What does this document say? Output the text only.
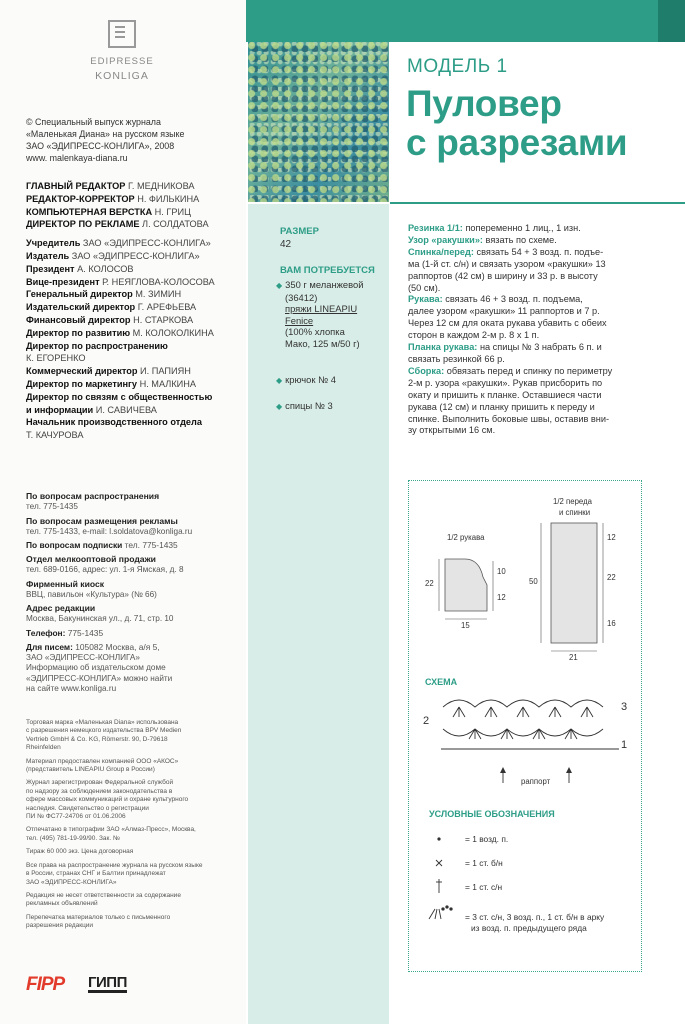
EDIPRESSE
KONLIGA
© Специальный выпуск журнала
«Маленькая Диана» на русском языке
ЗАО «ЭДИПРЕСС-КОНЛИГА», 2008
www. malenkaya-diana.ru
ГЛАВНЫЙ РЕДАКТОР Г. МЕДНИКОВА
РЕДАКТОР-КОРРЕКТОР Н. ФИЛЬКИНА
КОМПЬЮТЕРНАЯ ВЕРСТКА Н. ГРИЦ
ДИРЕКТОР ПО РЕКЛАМЕ Л. СОЛДАТОВА
Учредитель ЗАО «ЭДИПРЕСС-КОНЛИГА»
Издатель ЗАО «ЭДИПРЕСС-КОНЛИГА»
Президент А. КОЛОСОВ
Вице-президент Р. НЕЯГЛОВА-КОЛОСОВА
Генеральный директор М. ЗИМИН
Издательский директор Г. АРЕФЬЕВА
Финансовый директор Н. СТАРКОВА
Директор по развитию М. КОЛОКОЛКИНА
Директор по распространению
К. ЕГОРЕНКО
Коммерческий директор И. ПАПИЯН
Директор по маркетингу Н. МАЛКИНА
Директор по связям с общественностью
и информации И. САВИЧЕВА
Начальник производственного отдела
Т. КАЧУРОВА
По вопросам распространения
тел. 775-1435
По вопросам размещения рекламы
тел. 775-1433, e-mail: l.soldatova@konliga.ru
По вопросам подписки тел. 775-1435
Отдел мелкооптовой продажи
тел. 689-0166, адрес: ул. 1-я Ямская, д. 8
Фирменный киоск
ВВЦ, павильон «Культура» (№ 66)
Адрес редакции
Москва, Бакунинская ул., д. 71, стр. 10
Телефон: 775-1435
Для писем: 105082 Москва, а/я 5,
ЗАО «ЭДИПРЕСС-КОНЛИГА»
Информацию об издательском доме
«ЭДИПРЕСС-КОНЛИГА» можно найти
на сайте www.konliga.ru
Торговая марка «Маленькая Diana» использована
с разрешения немецкого издательства BPV Medien
Vertrieb GmbH & Co. KG, Römerstr. 90, D-79618
Rheinfelden
Материал предоставлен компанией ООО «АКОС»
(представитель LINEAPIU Group в России)
Журнал зарегистрирован Федеральной службой
по надзору за соблюдением законодательства в
сфере массовых коммуникаций и охране культурного
наследия. Свидетельство о регистрации
ПИ № ФС77-24706 от 01.06.2006
Отпечатано в типографии ЗАО «Алмаз-Пресс», Москва,
тел. (495) 781-19-99/90. Зак. №
Тираж 60 000 экз. Цена договорная
Все права на распространение журнала на русском языке
в России, странах СНГ и Балтии принадлежат
ЗАО «ЭДИПРЕСС-КОНЛИГА»
Редакция не несет ответственности за содержание
рекламных объявлений
Перепечатка материалов только с письменного
разрешения редакции
FIPP ГИПП
МОДЕЛЬ 1
Пуловер
с разрезами
РАЗМЕР
42
ВАМ ПОТРЕБУЕТСЯ
◆ 350 г меланжевой
(36412)
пряжи LINEAPIU
Fenice
(100% хлопка
Мако, 125 м/50 г)
◆ крючок № 4
◆ спицы № 3
Резинка 1/1: попеременно 1 лиц., 1 изн.
Узор «ракушки»: вязать по схеме.
Спинка/перед: связать 54 + 3 возд. п. подъе-
ма (1-й ст. с/н) и связать узором «ракушки» 13
раппортов (42 см) в ширину и 33 р. в высоту
(50 см).
Рукава: связать 46 + 3 возд. п. подъема,
далее узором «ракушки» 11 раппортов и 7 р.
Через 12 см для оката рукава убавить с обеих
сторон в каждом 2-м р. 8 х 1 п.
Планка рукава: на спицы № 3 набрать 6 п. и
связать резинкой 66 р.
Сборка: обвязать перед и спинку по периметру
2-м р. узора «ракушки». Рукав присборить по
окату и пришить к планке. Оставшиеся части
рукава (12 см) и планку пришить к переду и
спинке. Выполнить боковые швы, оставив вни-
зу открытыми 16 см.
1/2 рукава
1/2 переда
и спинки
22
10
12
15
50
12
22
16
21
СХЕМА
2
3
1
раппорт
УСЛОВНЫЕ ОБОЗНАЧЕНИЯ
= 1 возд. п.
= 1 ст. б/н
= 1 ст. с/н
= 3 ст. с/н, 3 возд. п., 1 ст. б/н в арку
из возд. п. предыдущего ряда
